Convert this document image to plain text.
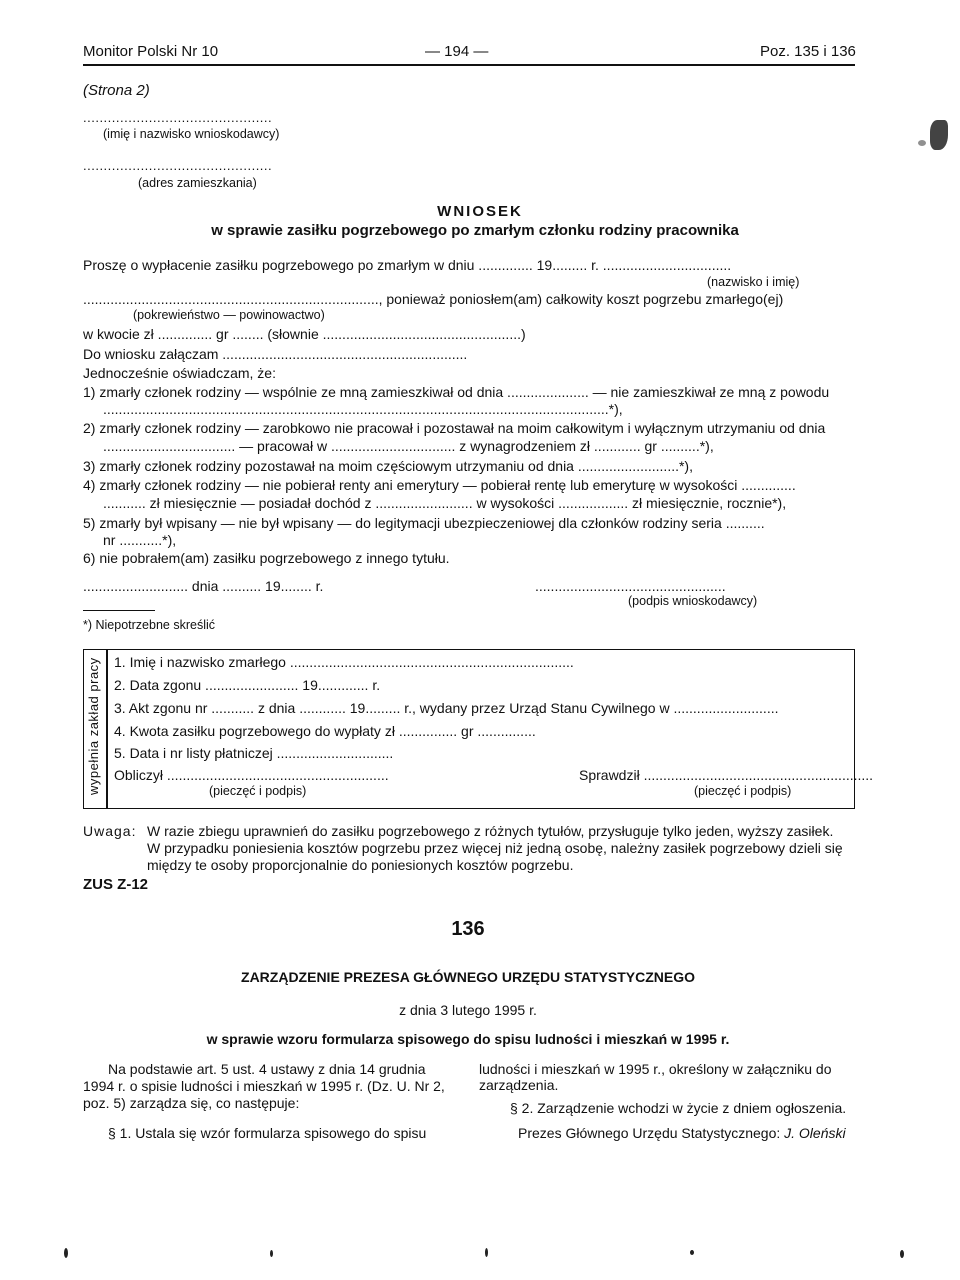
Monitor Polski Nr 10	— 194 —	Poz. 135 i 136
(Strona 2)
..............................................
(imię i nazwisko wnioskodawcy)
..............................................
(adres zamieszkania)
WNIOSEK
w sprawie zasiłku pogrzebowego po zmarłym członku rodziny pracownika
Proszę o wypłacenie zasiłku pogrzebowego po zmarłym w dniu .............. 19......... r. .................................
(nazwisko i imię)
............................................................................, ponieważ poniosłem(am) całkowity koszt pogrzebu zmarłego(ej)
(pokrewieństwo — powinowactwo)
w kwocie zł .............. gr ........ (słownie ...................................................)
Do wniosku załączam ...............................................................
Jednocześnie oświadczam, że:
1) zmarły członek rodziny — wspólnie ze mną zamieszkiwał od dnia ..................... — nie zamieszkiwał ze mną z powodu
..................................................................................................................................*),
2) zmarły członek rodziny — zarobkowo nie pracował i pozostawał na moim całkowitym i wyłącznym utrzymaniu od dnia
.................................. — pracował w ................................ z wynagrodzeniem zł ............ gr ..........*),
3) zmarły członek rodziny pozostawał na moim częściowym utrzymaniu od dnia ..........................*),
4) zmarły członek rodziny — nie pobierał renty ani emerytury — pobierał rentę lub emeryturę w wysokości ..............
........... zł miesięcznie — posiadał dochód z ......................... w wysokości .................. zł miesięcznie, rocznie*),
5) zmarły był wpisany — nie był wpisany — do legitymacji ubezpieczeniowej dla członków rodziny seria ..........
nr ...........*),
6) nie pobrałem(am) zasiłku pogrzebowego z innego tytułu.
........................... dnia .......... 19........ r.	.................................................
(podpis wnioskodawcy)
*) Niepotrzebne skreślić
wypełnia zakład pracy 1. Imię i nazwisko zmarłego .........................................................................
2. Data zgonu ........................ 19............. r.
3. Akt zgonu nr ........... z dnia ............ 19......... r., wydany przez Urząd Stanu Cywilnego w ...........................
4. Kwota zasiłku pogrzebowego do wypłaty zł ............... gr ...............
5. Data i nr listy płatniczej ..............................
Obliczył .........................................................
(pieczęć i podpis)
Sprawdził ...........................................................
(pieczęć i podpis)
Uwaga: W razie zbiegu uprawnień do zasiłku pogrzebowego z różnych tytułów, przysługuje tylko jeden, wyższy zasiłek.
W przypadku poniesienia kosztów pogrzebu przez więcej niż jedną osobę, należny zasiłek pogrzebowy dzieli się
między te osoby proporcjonalnie do poniesionych kosztów pogrzebu.
ZUS Z-12
136
ZARZĄDZENIE PREZESA GŁÓWNEGO URZĘDU STATYSTYCZNEGO
z dnia 3 lutego 1995 r.
w sprawie wzoru formularza spisowego do spisu ludności i mieszkań w 1995 r.
Na podstawie art. 5 ust. 4 ustawy z dnia 14 grudnia
1994 r. o spisie ludności i mieszkań w 1995 r. (Dz. U. Nr 2,
poz. 5) zarządza się, co następuje:
§ 1. Ustala się wzór formularza spisowego do spisu
ludności i mieszkań w 1995 r., określony w załączniku do
zarządzenia.
§ 2. Zarządzenie wchodzi w życie z dniem ogłoszenia.
Prezes Głównego Urzędu Statystycznego: J. Oleński
